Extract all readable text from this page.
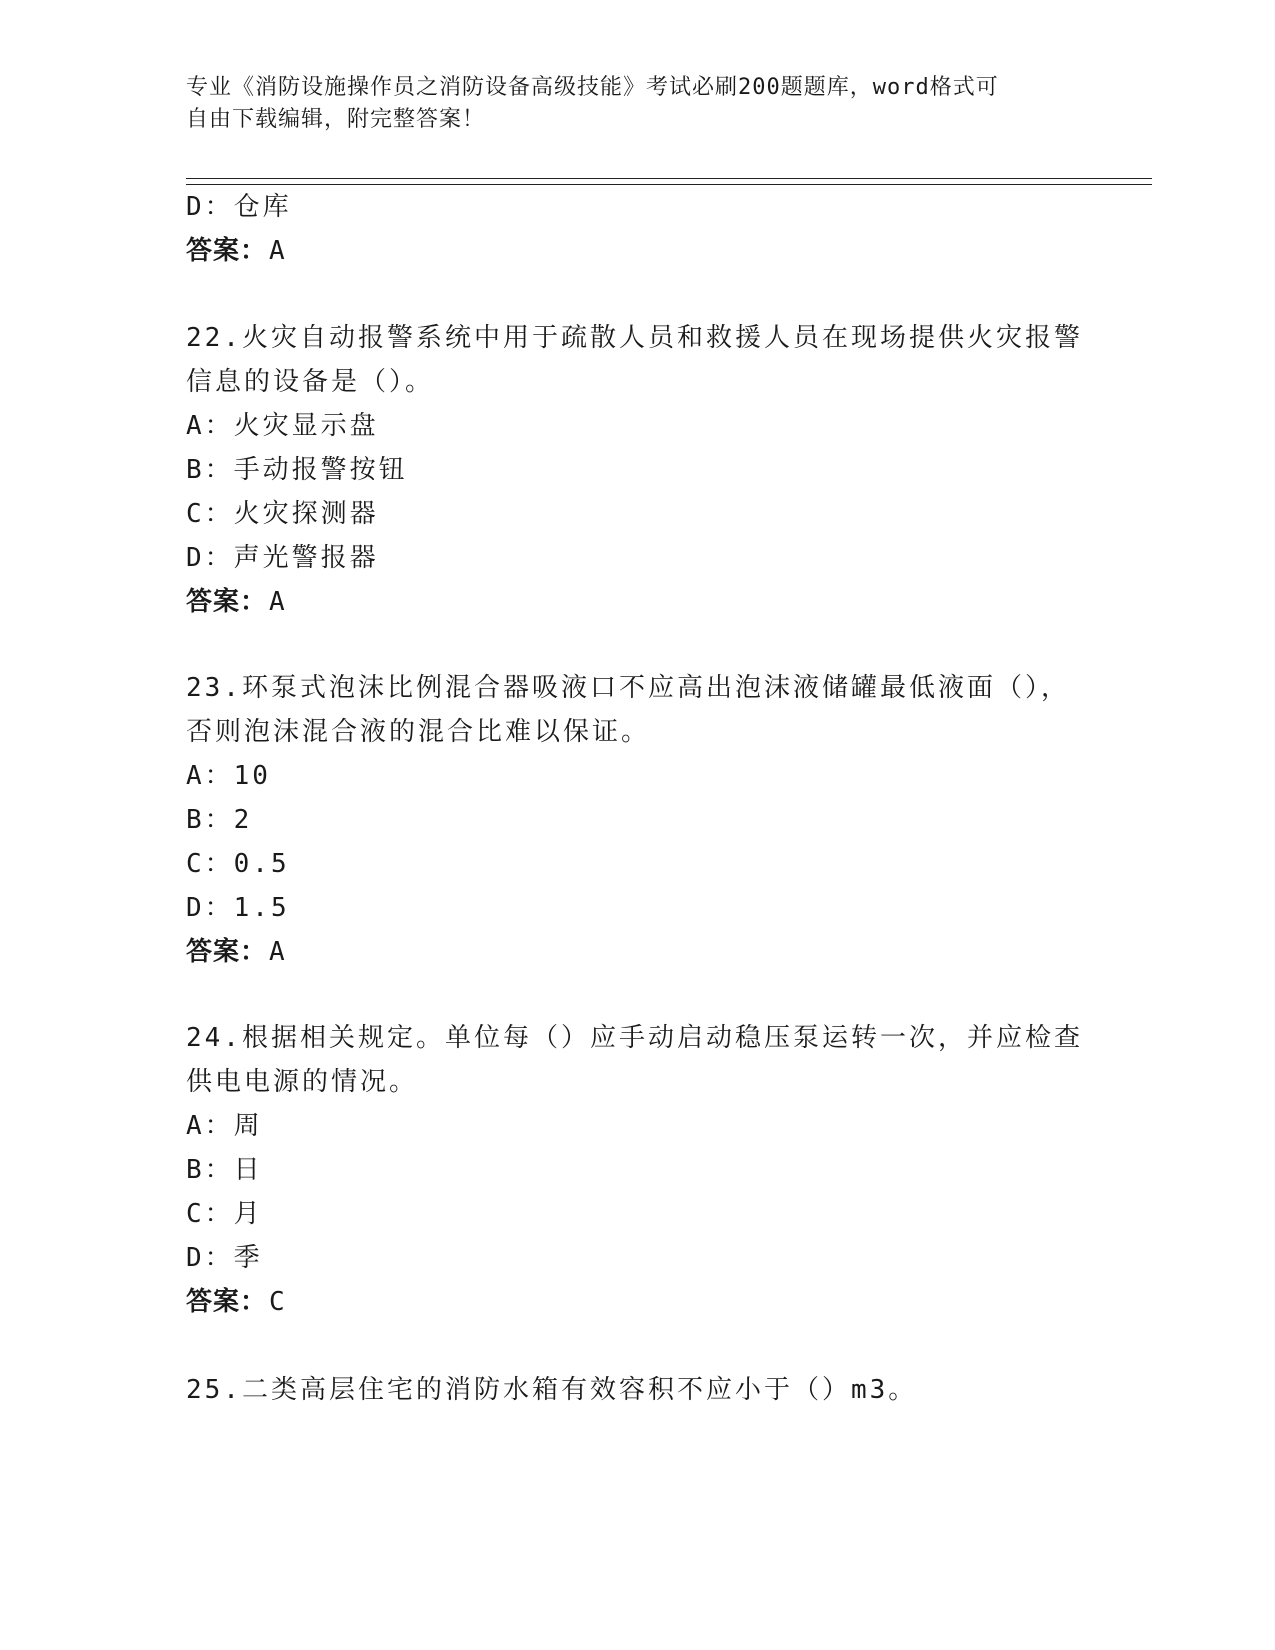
专业《消防设施操作员之消防设备高级技能》考试必刷200题题库，word格式可
自由下载编辑，附完整答案！
D：仓库
答案：A
22.火灾自动报警系统中用于疏散人员和救援人员在现场提供火灾报警
信息的设备是（）。
A：火灾显示盘
B：手动报警按钮
C：火灾探测器
D：声光警报器
答案：A
23.环泵式泡沫比例混合器吸液口不应高出泡沫液储罐最低液面（），
否则泡沫混合液的混合比难以保证。
A：10
B：2
C：0.5
D：1.5
答案：A
24.根据相关规定。单位每（）应手动启动稳压泵运转一次，并应检查
供电电源的情况。
A：周
B：日
C：月
D：季
答案：C
25.二类高层住宅的消防水箱有效容积不应小于（）m3。
